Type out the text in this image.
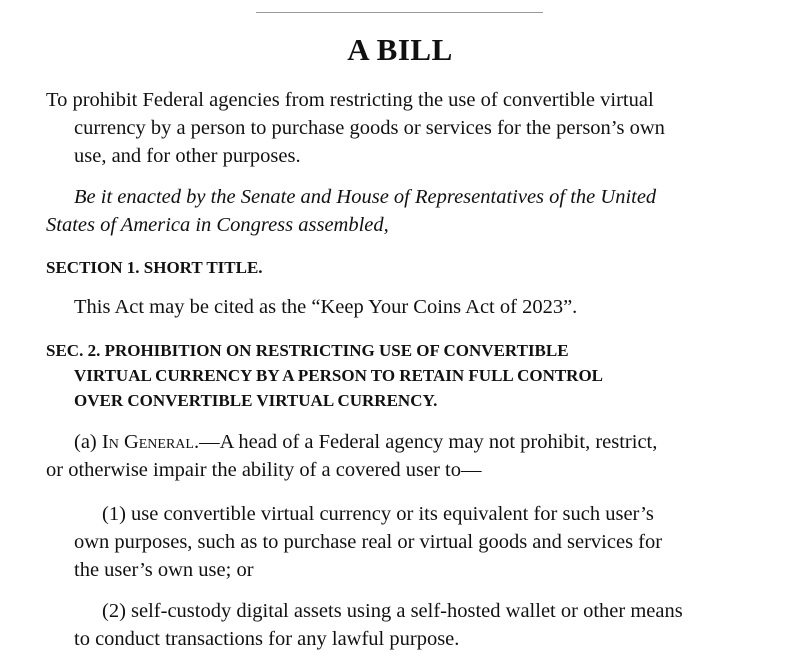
A BILL
To prohibit Federal agencies from restricting the use of convertible virtual
currency by a person to purchase goods or services for the person’s own
use, and for other purposes.
Be it enacted by the Senate and House of Representatives of the United
States of America in Congress assembled,
SECTION 1. SHORT TITLE.
This Act may be cited as the “Keep Your Coins Act of 2023”.
SEC. 2. PROHIBITION ON RESTRICTING USE OF CONVERTIBLE
VIRTUAL CURRENCY BY A PERSON TO RETAIN FULL CONTROL
OVER CONVERTIBLE VIRTUAL CURRENCY.
(a) In General.—A head of a Federal agency may not prohibit, restrict,
or otherwise impair the ability of a covered user to—
(1) use convertible virtual currency or its equivalent for such user’s
own purposes, such as to purchase real or virtual goods and services for the user’s own use; or
(2) self-custody digital assets using a self-hosted wallet or other means
to conduct transactions for any lawful purpose.
